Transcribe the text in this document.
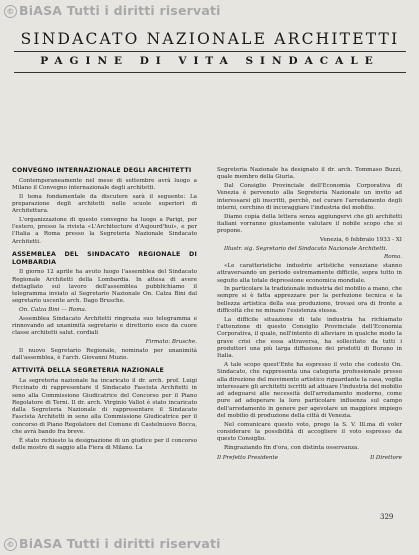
© BiASA Tutti i diritti riservati
SINDACATO NAZIONALE ARCHITETTI
PAGINE DI VITA SINDACALE
CONVEGNO INTERNAZIONALE DEGLI ARCHITETTI

Contemporaneamente nel mese di settembre avrà luogo a Milano il Convegno internazionale degli architetti.

Il tema fondamentale da discutere sarà il seguente: La preparazione degli architetti nelle scuole superiori di Architettura.

L'organizzazione di questo convegno ha luogo a Parigi, per l'estero, presso la rivista «L'Architecture d'Aujourd'hui», e per l'Italia a Roma presso la Segreteria Nazionale Sindacato Architetti.

ASSEMBLEA DEL SINDACATO REGIONALE DI LOMBARDIA

Il giorno 12 aprile ha avuto luogo l'assemblea del Sindacato Regionale Architetti della Lombardia. In attesa di avere dettagliato sul lavoro dell'assemblea pubblichiamo il telegramma inviato al Segretario Nazionale On. Calza Bini dal segretario uscente arch. Dago Brusche.

On. Calza Bini — Roma.

Assemblea Sindacato Architetti ringrazia suo telegramma e rinnovando ad unanimità segretario e direttorio esce da cuore classe architetti salut. cordiali

Firmato: Brusche.

Il nuovo Segretario Regionale, nominato per unanimità dall'assemblea, è l'arch. Giovanni Muzio.

ATTIVITÀ DELLA SEGRETERIA NAZIONALE

La segreteria nazionale ha incaricato il dr. arch. prof. Luigi Piccinato di rappresentare il Sindacato Fascista Architetti in seno alla Commissione Giudicatrice del Concorso per il Piano Regolatore di Terni. Il dr. arch. Virginio Vallot è stato incaricato dalla Segreteria Nazionale di rappresentare il Sindacato Fascista Architetti in seno alla Commissione Giudicatrice per il concorso di Piano Regolatore del Comune di Castelnuovo Bocca, che avrà bando fra breve.

È stato richiesto la designazione di un giudice per il concorso delle mostre di saggio alla Fiera di Milano. La

Segreteria Nazionale ha designato il dr. arch. Tommaso Buzzi, quale membro della Giuria.

Dal Consiglio Provinciale dell'Economia Corporativa di Venezia è pervenuto alla Segreteria Nazionale un invito ad interessarsi gli inscritti, perchè, nel curare l'arredamento degli interni, cerchino di incoraggiare l'industria del mobilio.

Diamo copia della lettera senza aggiungervi che gli architetti italiani vorranno giustamente valutare il nobile scopo che si propone.

Venezia, 6 febbraio 1933 - XI

Illustr. sig. Segretario del Sindacato Nazionale Architetti.

Roma.

«Le caratteristiche industrie artistiche veneziane stanno attraversando un periodo estremamente difficile, sopra tutto in seguito alla totale depressione economica mondiale.

In particolare la tradizionale industria del mobilio a mano, che sempre si è fatta apprezzare per la perfezione tecnica e la bellezza artistica della sua produzione, trovasi ora di fronte a difficoltà che ne minano l'esistenza stessa.

La difficile situazione di tale industria ha richiamato l'attenzione di questo Consiglio Provinciale dell'Economia Corporativa, il quale, nell'intento di alleviare in qualche modo la grave crisi che essa attraversa, ha sollecitato da tutti i produttori una più larga diffusione dei prodotti di Burano in Italia.

A tale scopo quest'Ente ha espresso il voto che codesto On. Sindacato, che rappresenta una categoria professionale presso alla direzione del movimento artistico riguardante la casa, voglia interessare gli architetti iscritti ad attuare l'industria del mobilio ad adeguarsi alle necessità dell'arredamento moderno, come pure ad adoperare la loro particolare influenza sul campo dell'arredamento in genere per agevolare un maggiore impiego del mobilio di produzione della città di Venezia.

Nel comunicare questo voto, prego la S. V. Ill.ma di voler considerare la possibilità di accogliere il voto espresso da questo Consiglio.

Ringraziando fin d'ora, con distinta osservanza.

Il Prefetto Presidente	Il Direttore
329
© BiASA Tutti i diritti riservati
